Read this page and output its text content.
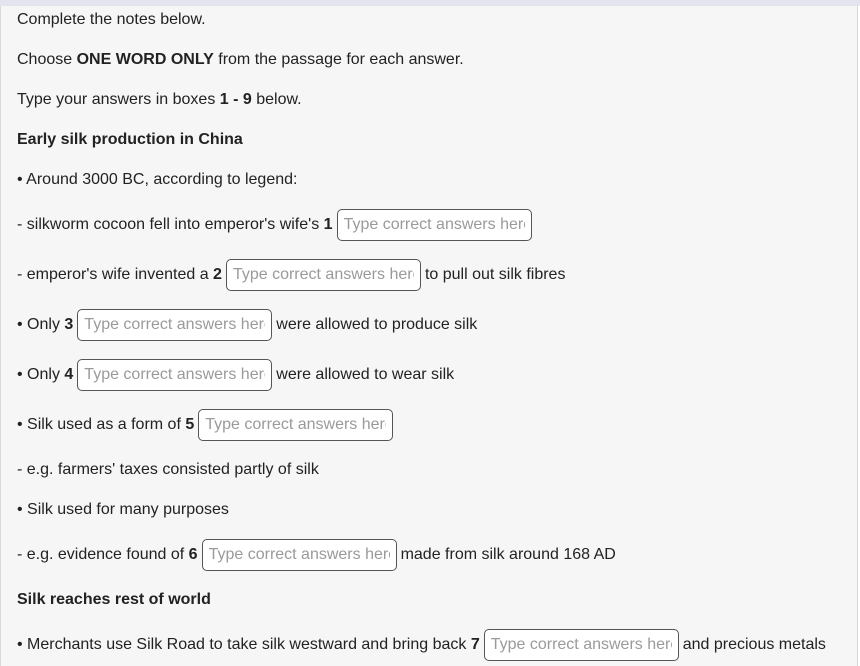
Complete the notes below.
Choose ONE WORD ONLY from the passage for each answer.
Type your answers in boxes 1 - 9 below.
Early silk production in China
• Around 3000 BC, according to legend:
- silkworm cocoon fell into emperor's wife's 1
Type correct answers here
- emperor's wife invented a 2
Type correct answers here	to pull out silk fibres
• Only 3
Type correct answers here	were allowed to produce silk
• Only 4
Type correct answers here	were allowed to wear silk
• Silk used as a form of 5
Type correct answers here
- e.g. farmers' taxes consisted partly of silk
• Silk used for many purposes
- e.g. evidence found of 6
Type correct answers here	made from silk around 168 AD
Silk reaches rest of world
• Merchants use Silk Road to take silk westward and bring back 7
Type correct answers here	and precious metals
